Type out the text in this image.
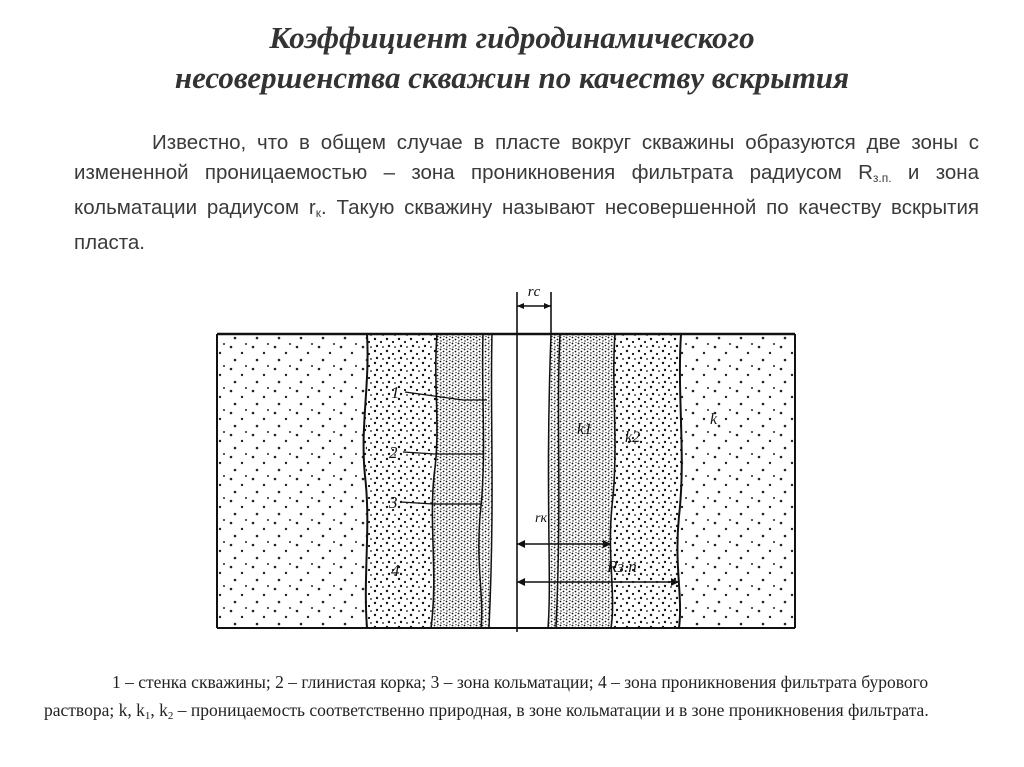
Коэффициент гидродинамического
несовершенства скважин по качеству вскрытия
Известно, что в общем случае в пласте вокруг скважины образуются две зоны с измененной проницаемостью – зона проникновения фильтрата радиусом $R_{з.п.}$ и зона кольматации радиусом $r_к$. Такую скважину называют несовершенной по качеству вскрытия пласта.
rс
1
2
3
4
k1 k2
k
rк
Rз.п
1 – стенка скважины; 2 – глинистая корка; 3 – зона кольматации; 4 – зона проникновения фильтрата бурового раствора; k, $k_1$, $k_2$ – проницаемость соответственно природная, в зоне кольматации и в зоне проникновения фильтрата.
